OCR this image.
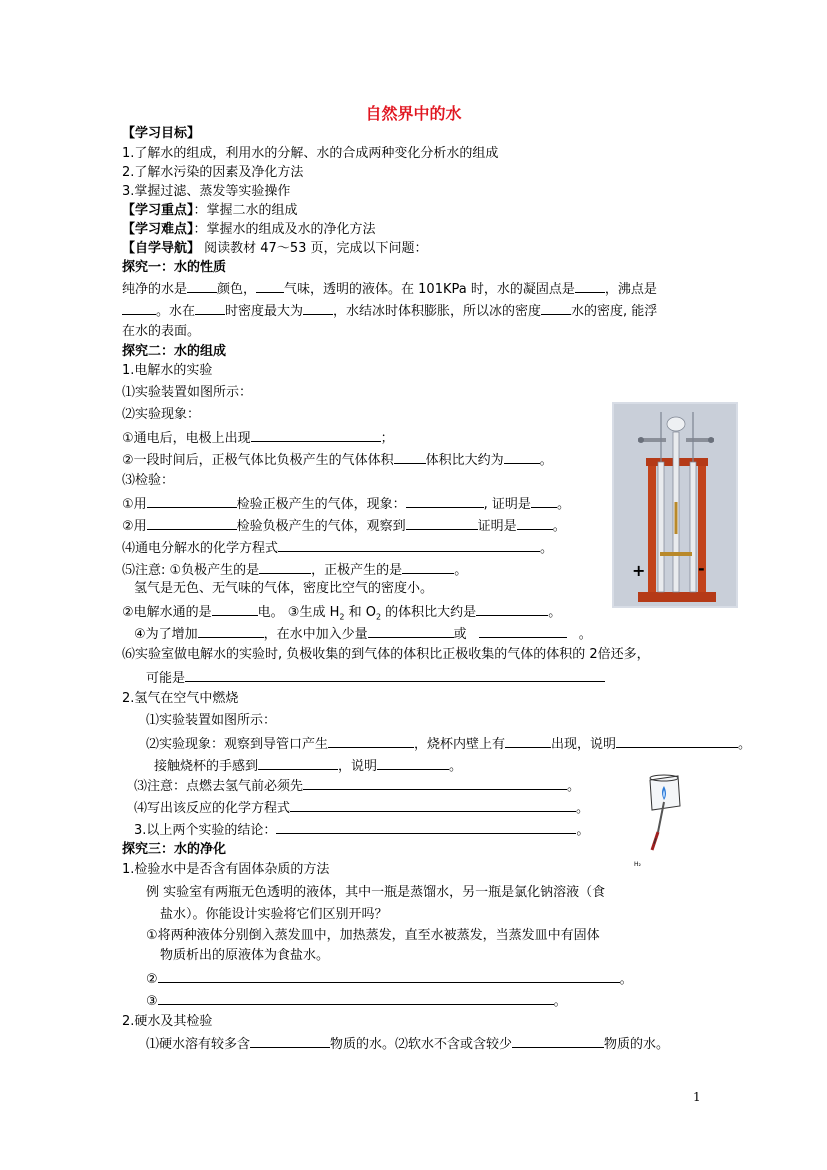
自然界中的水
【学习目标】
1.了解水的组成，利用水的分解、水的合成两种变化分析水的组成
2.了解水污染的因素及净化方法
3.掌握过滤、蒸发等实验操作
【学习重点】：掌握二水的组成
【学习难点】：掌握水的组成及水的净化方法
【自学导航】 阅读教材 47～53 页，完成以下问题：
探究一：水的性质
纯净的水是 颜色， 气味，透明的液体。在 101KPa 时，水的凝固点是 ，沸点是
。水在 时密度最大为 ，水结冰时体积膨胀，所以冰的密度 水的密度, 能浮
在水的表面。
探究二：水的组成
1.电解水的实验
⑴实验装置如图所示：
⑵实验现象：
①通电后，电极上出现	；
②一段时间后，正极气体比负极产生的气体体积 体积比大约为	。
⑶检验：
①用	检验正极产生的气体，现象：	, 证明是 。
②用	检验负极产生的气体，观察到	证明是	。
⑷通电分解水的化学方程式	。
⑸注意: ①负极产生的是	，正极产生的是	。
氢气是无色、无气味的气体，密度比空气的密度小。
②电解水通的是	电。 ③生成 $H_2$ 和 $O_2$ 的体积比大约是	。
④为了增加	，在水中加入少量	或	。
⑹实验室做电解水的实验时, 负极收集的到气体的体积比正极收集的气体的体积的 2倍还多，
可能是
2.氢气在空气中燃烧
⑴实验装置如图所示：
⑵实验现象：观察到导管口产生	，烧杯内壁上有	出现，说明	。
接触烧杯的手感到	，说明	。
⑶注意：点燃去氢气前必须先	。
⑷写出该反应的化学方程式	。
3.以上两个实验的结论：	。
探究三：水的净化
1.检验水中是否含有固体杂质的方法
例 实验室有两瓶无色透明的液体，其中一瓶是蒸馏水，另一瓶是氯化钠溶液（食
盐水）。你能设计实验将它们区别开吗？
①将两种液体分别倒入蒸发皿中，加热蒸发，直至水被蒸发，当蒸发皿中有固体
物质析出的原液体为食盐水。
②	。
③	。
2.硬水及其检验
⑴硬水溶有较多含	物质的水。⑵软水不含或含较少	物质的水。
+	-
H₂
1
